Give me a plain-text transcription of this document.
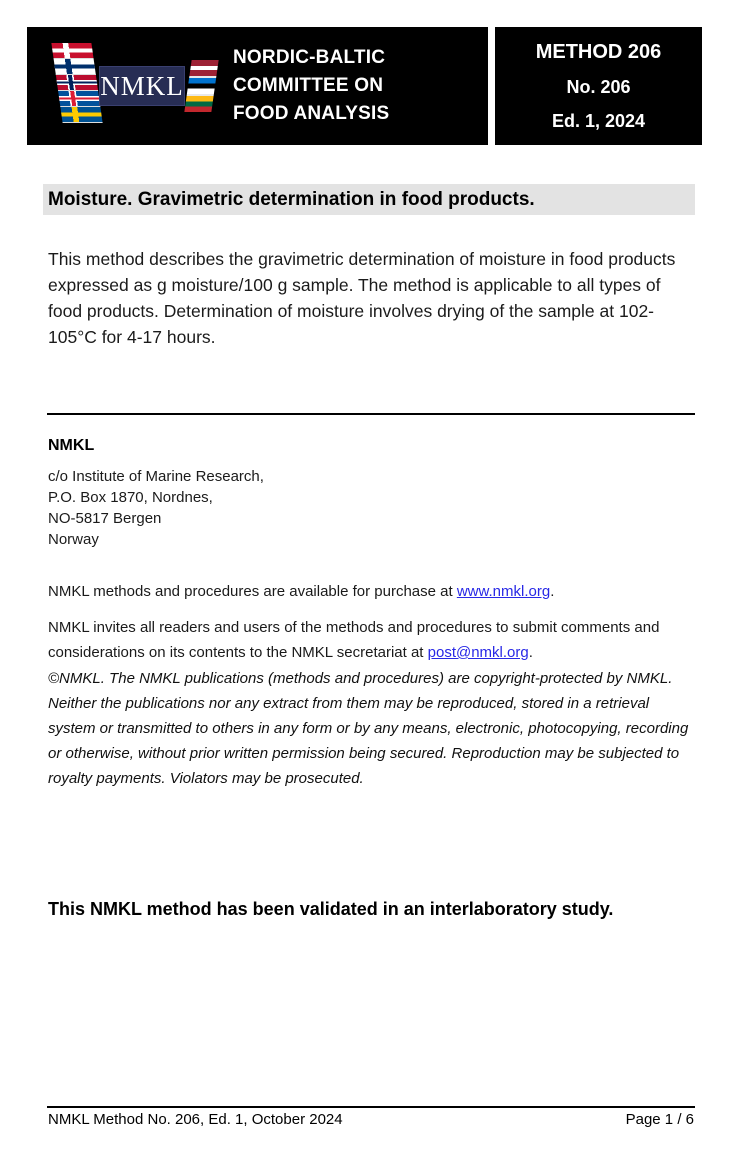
NMKL
NORDIC-BALTIC
COMMITTEE ON
FOOD ANALYSIS
METHOD 206
No. 206
Ed. 1, 2024
Moisture. Gravimetric determination in food products.

This method describes the gravimetric determination of moisture in food products expressed as g moisture/100 g sample. The method is applicable to all types of food products. Determination of moisture involves drying of the sample at 102-105°C for 4-17 hours.

NMKL
c/o Institute of Marine Research,
P.O. Box 1870, Nordnes,
NO-5817 Bergen
Norway

NMKL methods and procedures are available for purchase at www.nmkl.org.

NMKL invites all readers and users of the methods and procedures to submit comments and considerations on its contents to the NMKL secretariat at post@nmkl.org.

©NMKL. The NMKL publications (methods and procedures) are copyright-protected by NMKL. Neither the publications nor any extract from them may be reproduced, stored in a retrieval system or transmitted to others in any form or by any means, electronic, photocopying, recording or otherwise, without prior written permission being secured. Reproduction may be subjected to royalty payments. Violators may be prosecuted.

This NMKL method has been validated in an interlaboratory study.
NMKL Method No. 206, Ed. 1, October 2024	Page 1 / 6
